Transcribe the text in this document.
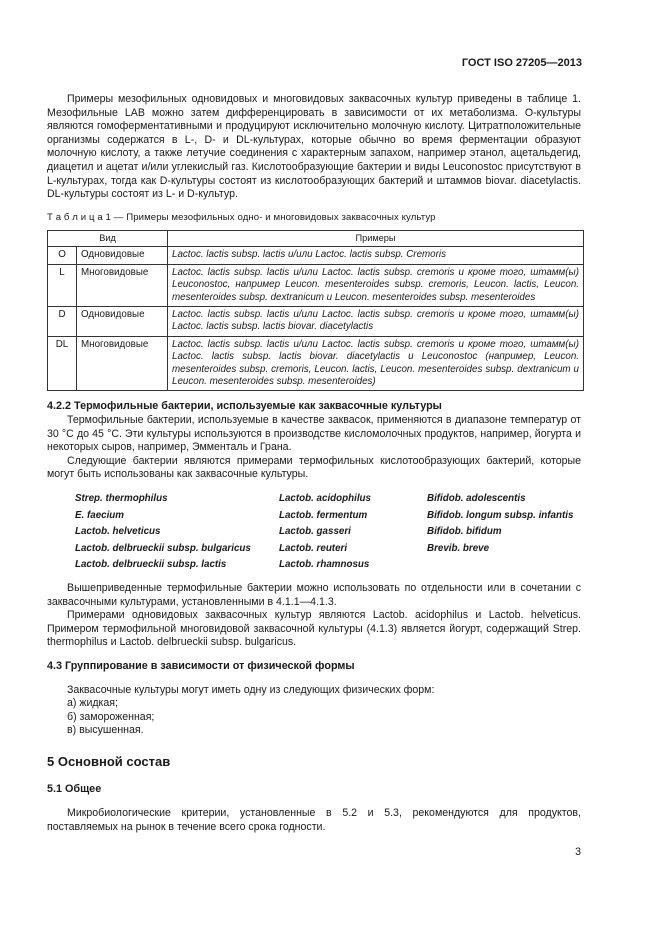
ГОСТ ISO 27205—2013

Примеры мезофильных одновидовых и многовидовых заквасочных культур приведены в таблице 1. Мезофильные LAB можно затем дифференцировать в зависимости от их метаболизма. О-культуры являются гомоферментативными и продуцируют исключительно молочную кислоту. Цитратположительные организмы содержатся в L-, D- и DL-культурах, которые обычно во время ферментации образуют молочную кислоту, а также летучие соединения с характерным запахом, например этанол, ацетальдегид, диацетил и ацетат и/или углекислый газ. Кислотообразующие бактерии и виды Leuconostoc присутствуют в L-культурах, тогда как D-культуры состоят из кислотообразующих бактерий и штаммов biovar. diacetylactis. DL-культуры состоят из L- и D-культур.

Т а б л и ц а 1 — Примеры мезофильных одно- и многовидовых заквасочных культур
Вид		Примеры
O	Одновидовые	Lactoc. lactis subsp. lactis и/или Lactoc. lactis subsp. Cremoris
L	Многовидовые	Lactoc. lactis subsp. lactis и/или Lactoc. lactis subsp. cremoris и кроме того, штамм(ы) Leuconostoc, например Leucon. mesenteroides subsp. cremoris, Leucon. lactis, Leucon. mesenteroides subsp. dextranicum и Leucon. mesenteroides subsp. mesenteroides
D	Одновидовые	Lactoc. lactis subsp. lactis и/или Lactoc. lactis subsp. cremoris и кроме того, штамм(ы) Lactoc. lactis subsp. lactis biovar. diacetylactis
DL	Многовидовые	Lactoc. lactis subsp. lactis и/или Lactoc. lactis subsp. cremoris и кроме того, штамм(ы) Lactoc. lactis subsp. lactis biovar. diacetylactis и Leuconostoc (например, Leucon. mesenteroides subsp. cremoris, Leucon. lactis, Leucon. mesenteroides subsp. dextranicum и Leucon. mesenteroides subsp. mesenteroides)
4.2.2 Термофильные бактерии, используемые как заквасочные культуры

Термофильные бактерии, используемые в качестве заквасок, применяются в диапазоне температур от 30 °C до 45 °C. Эти культуры используются в производстве кисломолочных продуктов, например, йогурта и некоторых сыров, например, Эмменталь и Грана.

Следующие бактерии являются примерами термофильных кислотообразующих бактерий, которые могут быть использованы как заквасочные культуры.

Strep. thermophilus	Lactob. acidophilus	Bifidob. adolescentis
E. faecium	Lactob. fermentum	Bifidob. longum subsp. infantis
Lactob. helveticus	Lactob. gasseri	Bifidob. bifidum
Lactob. delbrueckii subsp. bulgaricus	Lactob. reuteri	Brevib. breve
Lactob. delbrueckii subsp. lactis	Lactob. rhamnosus

Вышеприведенные термофильные бактерии можно использовать по отдельности или в сочетании с заквасочными культурами, установленными в 4.1.1—4.1.3.

Примерами одновидовых заквасочных культур являются Lactob. acidophilus и Lactob. helveticus. Примером термофильной многовидовой заквасочной культуры (4.1.3) является йогурт, содержащий Strep. thermophilus и Lactob. delbrueckii subsp. bulgaricus.

4.3 Группирование в зависимости от физической формы

Заквасочные культуры могут иметь одну из следующих физических форм:

а) жидкая;

б) замороженная;

в) высушенная.

5 Основной состав
5.1 Общее

Микробиологические критерии, установленные в 5.2 и 5.3, рекомендуются для продуктов, поставляемых на рынок в течение всего срока годности.

3
